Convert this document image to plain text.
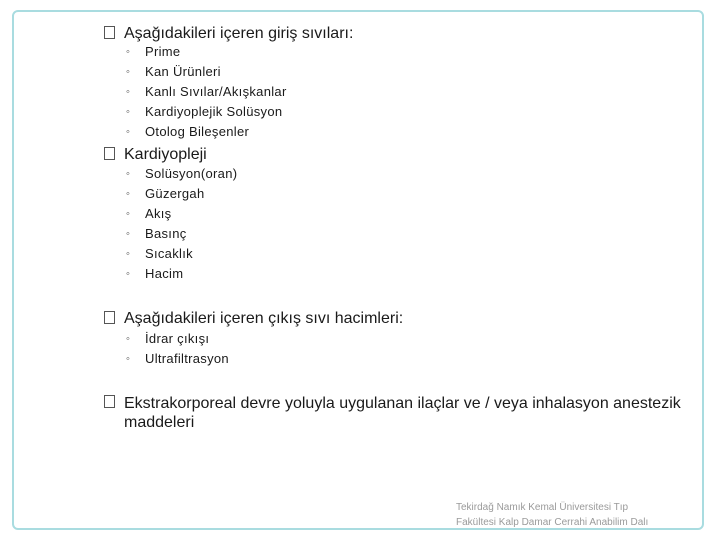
Aşağıdakileri içeren giriş sıvıları:
◦ Prime
◦ Kan Ürünleri
◦ Kanlı Sıvılar/Akışkanlar
◦ Kardiyoplejik Solüsyon
◦ Otolog Bileşenler
Kardiyopleji
◦ Solüsyon(oran)
◦ Güzergah
◦ Akış
◦ Basınç
◦ Sıcaklık
◦ Hacim
Aşağıdakileri içeren çıkış sıvı hacimleri:
◦ İdrar çıkışı
◦ Ultrafiltrasyon
Ekstrakorporeal devre yoluyla uygulanan ilaçlar ve / veya inhalasyon anestezik maddeleri
Tekirdağ Namık Kemal Üniversitesi Tıp
Fakültesi Kalp Damar Cerrahi Anabilim Dalı
